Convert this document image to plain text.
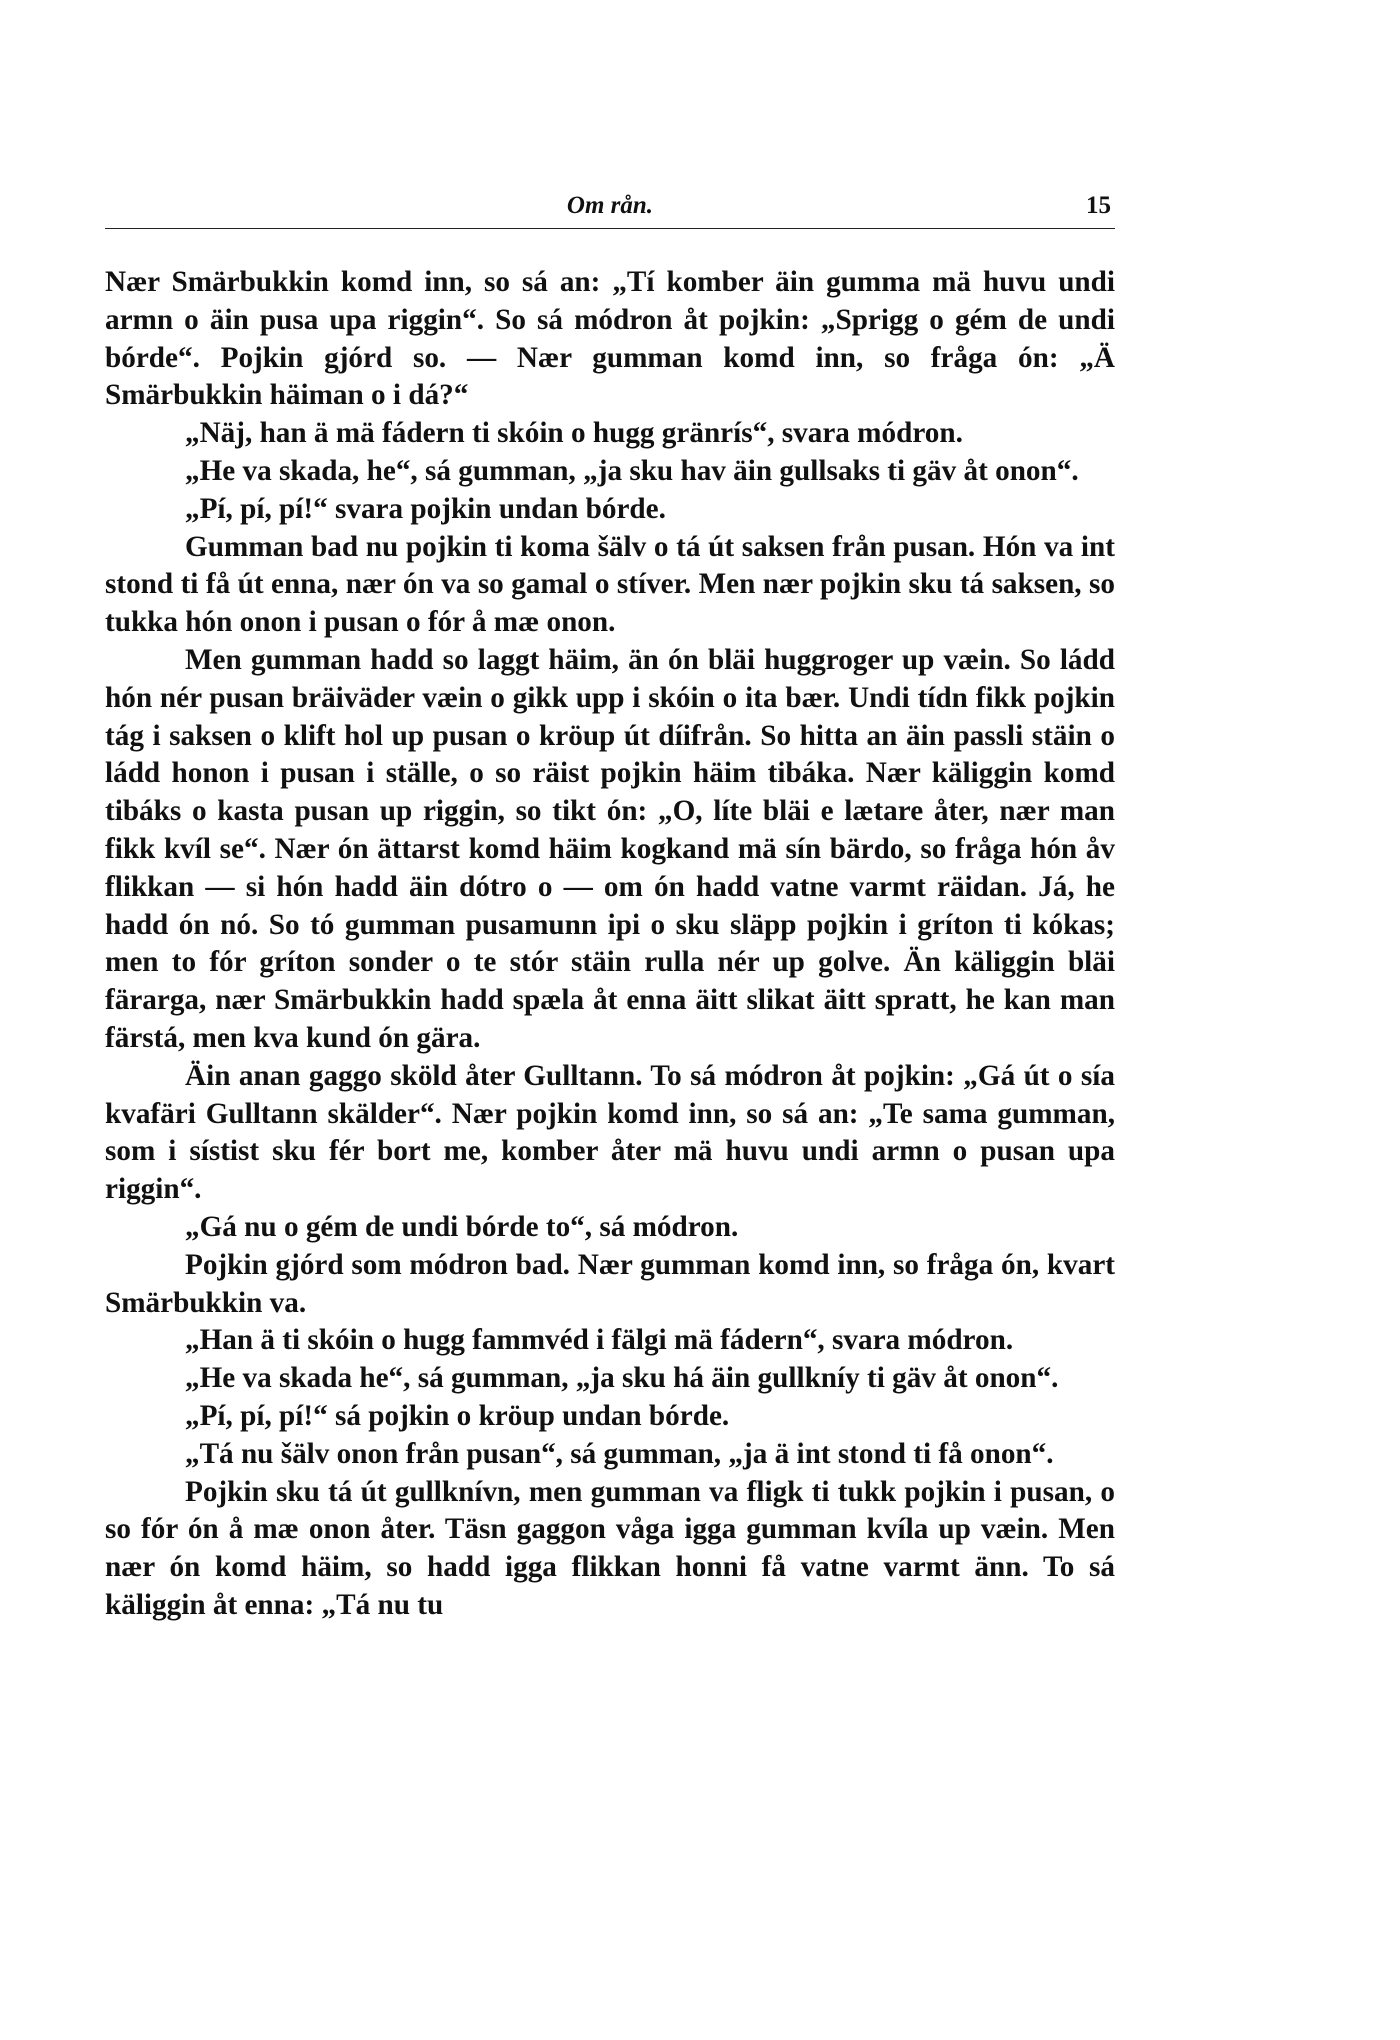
Om rån.	15

Nær Smärbukkin komd inn, so sá an: „Tí komber äin gumma mä huvu undi armn o äin pusa upa riggin“. So sá módron åt pojkin: „Sprigg o gém de undi bórde“. Pojkin gjórd so. — Nær gumman komd inn, so fråga ón: „Ä Smärbukkin häiman o i dá?“

„Näj, han ä mä fádern ti skóin o hugg gränrís“, svara módron.

„He va skada, he“, sá gumman, „ja sku hav äin gullsaks ti gäv åt onon“.

„Pí, pí, pí!“ svara pojkin undan bórde.

Gumman bad nu pojkin ti koma šälv o tá út saksen från pusan. Hón va int stond ti få út enna, nær ón va so gamal o stíver. Men nær pojkin sku tá saksen, so tukka hón onon i pusan o fór å mæ onon.

Men gumman hadd so laggt häim, än ón bläi huggroger up væin. So ládd hón nér pusan bräiväder væin o gikk upp i skóin o ita bær. Undi tídn fikk pojkin tág i saksen o klift hol up pusan o kröup út díifrån. So hitta an äin passli stäin o ládd honon i pusan i ställe, o so räist pojkin häim tibáka. Nær käliggin komd tibáks o kasta pusan up riggin, so tikt ón: „O, líte bläi e lætare åter, nær man fikk kvíl se“. Nær ón ättarst komd häim kogkand mä sín bärdo, so fråga hón åv flikkan — si hón hadd äin dótro o — om ón hadd vatne varmt räidan. Já, he hadd ón nó. So tó gumman pusamunn ipi o sku släpp pojkin i gríton ti kókas; men to fór gríton sonder o te stór stäin rulla nér up golve. Än käliggin bläi färarga, nær Smärbukkin hadd spæla åt enna äitt slikat äitt spratt, he kan man färstá, men kva kund ón gära.

Äin anan gaggo sköld åter Gulltann. To sá módron åt pojkin: „Gá út o sía kvafäri Gulltann skälder“. Nær pojkin komd inn, so sá an: „Te sama gumman, som i sístist sku fér bort me, komber åter mä huvu undi armn o pusan upa riggin“.

„Gá nu o gém de undi bórde to“, sá módron.

Pojkin gjórd som módron bad. Nær gumman komd inn, so fråga ón, kvart Smärbukkin va.

„Han ä ti skóin o hugg fammvéd i fälgi mä fádern“, svara módron.

„He va skada he“, sá gumman, „ja sku há äin gullkníy ti gäv åt onon“.

„Pí, pí, pí!“ sá pojkin o kröup undan bórde.

„Tá nu šälv onon från pusan“, sá gumman, „ja ä int stond ti få onon“.

Pojkin sku tá út gullknívn, men gumman va fligk ti tukk pojkin i pusan, o so fór ón å mæ onon åter. Täsn gaggon våga igga gumman kvíla up væin. Men nær ón komd häim, so hadd igga flikkan honni få vatne varmt änn. To sá käliggin åt enna: „Tá nu tu
